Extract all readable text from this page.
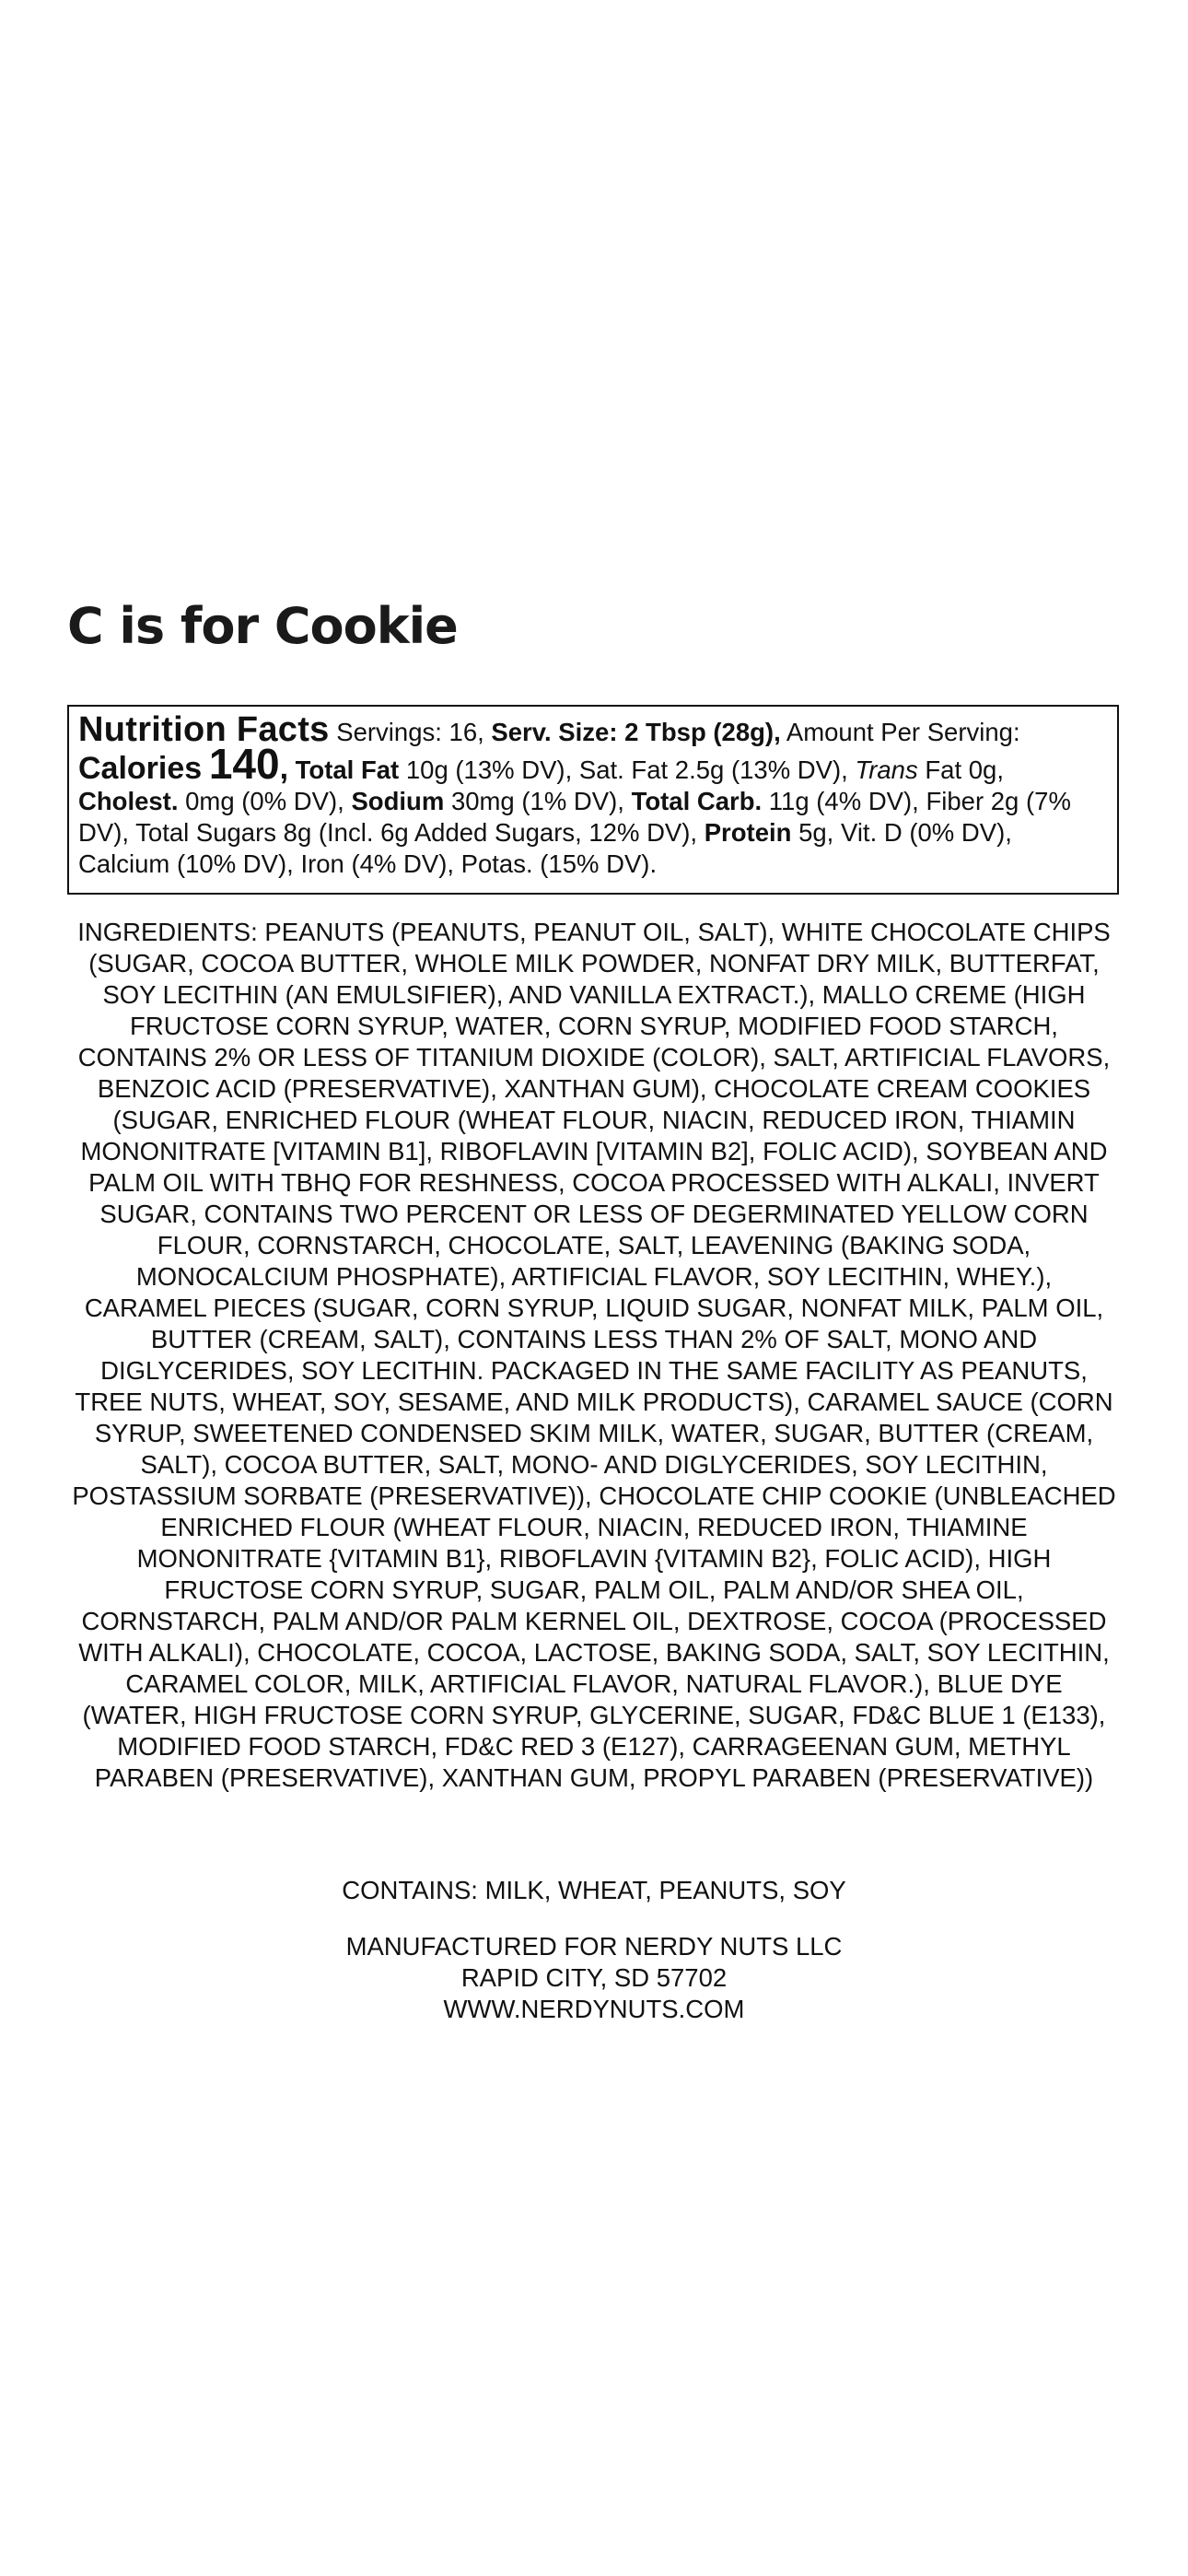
C is for Cookie
Nutrition Facts Servings: 16, Serv. Size: 2 Tbsp (28g), Amount Per Serving: Calories 140, Total Fat 10g (13% DV), Sat. Fat 2.5g (13% DV), Trans Fat 0g, Cholest. 0mg (0% DV), Sodium 30mg (1% DV), Total Carb. 11g (4% DV), Fiber 2g (7% DV), Total Sugars 8g (Incl. 6g Added Sugars, 12% DV), Protein 5g, Vit. D (0% DV), Calcium (10% DV), Iron (4% DV), Potas. (15% DV).

INGREDIENTS: PEANUTS (PEANUTS, PEANUT OIL, SALT), WHITE CHOCOLATE CHIPS (SUGAR, COCOA BUTTER, WHOLE MILK POWDER, NONFAT DRY MILK, BUTTERFAT, SOY LECITHIN (AN EMULSIFIER), AND VANILLA EXTRACT.), MALLO CREME (HIGH FRUCTOSE CORN SYRUP, WATER, CORN SYRUP, MODIFIED FOOD STARCH, CONTAINS 2% OR LESS OF TITANIUM DIOXIDE (COLOR), SALT, ARTIFICIAL FLAVORS, BENZOIC ACID (PRESERVATIVE), XANTHAN GUM), CHOCOLATE CREAM COOKIES (SUGAR, ENRICHED FLOUR (WHEAT FLOUR, NIACIN, REDUCED IRON, THIAMIN MONONITRATE [VITAMIN B1], RIBOFLAVIN [VITAMIN B2], FOLIC ACID), SOYBEAN AND PALM OIL WITH TBHQ FOR RESHNESS, COCOA PROCESSED WITH ALKALI, INVERT SUGAR, CONTAINS TWO PERCENT OR LESS OF DEGERMINATED YELLOW CORN FLOUR, CORNSTARCH, CHOCOLATE, SALT, LEAVENING (BAKING SODA, MONOCALCIUM PHOSPHATE), ARTIFICIAL FLAVOR, SOY LECITHIN, WHEY.), CARAMEL PIECES (SUGAR, CORN SYRUP, LIQUID SUGAR, NONFAT MILK, PALM OIL, BUTTER (CREAM, SALT), CONTAINS LESS THAN 2% OF SALT, MONO AND DIGLYCERIDES, SOY LECITHIN. PACKAGED IN THE SAME FACILITY AS PEANUTS, TREE NUTS, WHEAT, SOY, SESAME, AND MILK PRODUCTS), CARAMEL SAUCE (CORN SYRUP, SWEETENED CONDENSED SKIM MILK, WATER, SUGAR, BUTTER (CREAM, SALT), COCOA BUTTER, SALT, MONO- AND DIGLYCERIDES, SOY LECITHIN, POSTASSIUM SORBATE (PRESERVATIVE)), CHOCOLATE CHIP COOKIE (UNBLEACHED ENRICHED FLOUR (WHEAT FLOUR, NIACIN, REDUCED IRON, THIAMINE MONONITRATE {VITAMIN B1}, RIBOFLAVIN {VITAMIN B2}, FOLIC ACID), HIGH FRUCTOSE CORN SYRUP, SUGAR, PALM OIL, PALM AND/OR SHEA OIL, CORNSTARCH, PALM AND/OR PALM KERNEL OIL, DEXTROSE, COCOA (PROCESSED WITH ALKALI), CHOCOLATE, COCOA, LACTOSE, BAKING SODA, SALT, SOY LECITHIN, CARAMEL COLOR, MILK, ARTIFICIAL FLAVOR, NATURAL FLAVOR.), BLUE DYE (WATER, HIGH FRUCTOSE CORN SYRUP, GLYCERINE, SUGAR, FD&C BLUE 1 (E133), MODIFIED FOOD STARCH, FD&C RED 3 (E127), CARRAGEENAN GUM, METHYL PARABEN (PRESERVATIVE), XANTHAN GUM, PROPYL PARABEN (PRESERVATIVE))

CONTAINS: MILK, WHEAT, PEANUTS, SOY

MANUFACTURED FOR NERDY NUTS LLC
RAPID CITY, SD 57702
WWW.NERDYNUTS.COM
